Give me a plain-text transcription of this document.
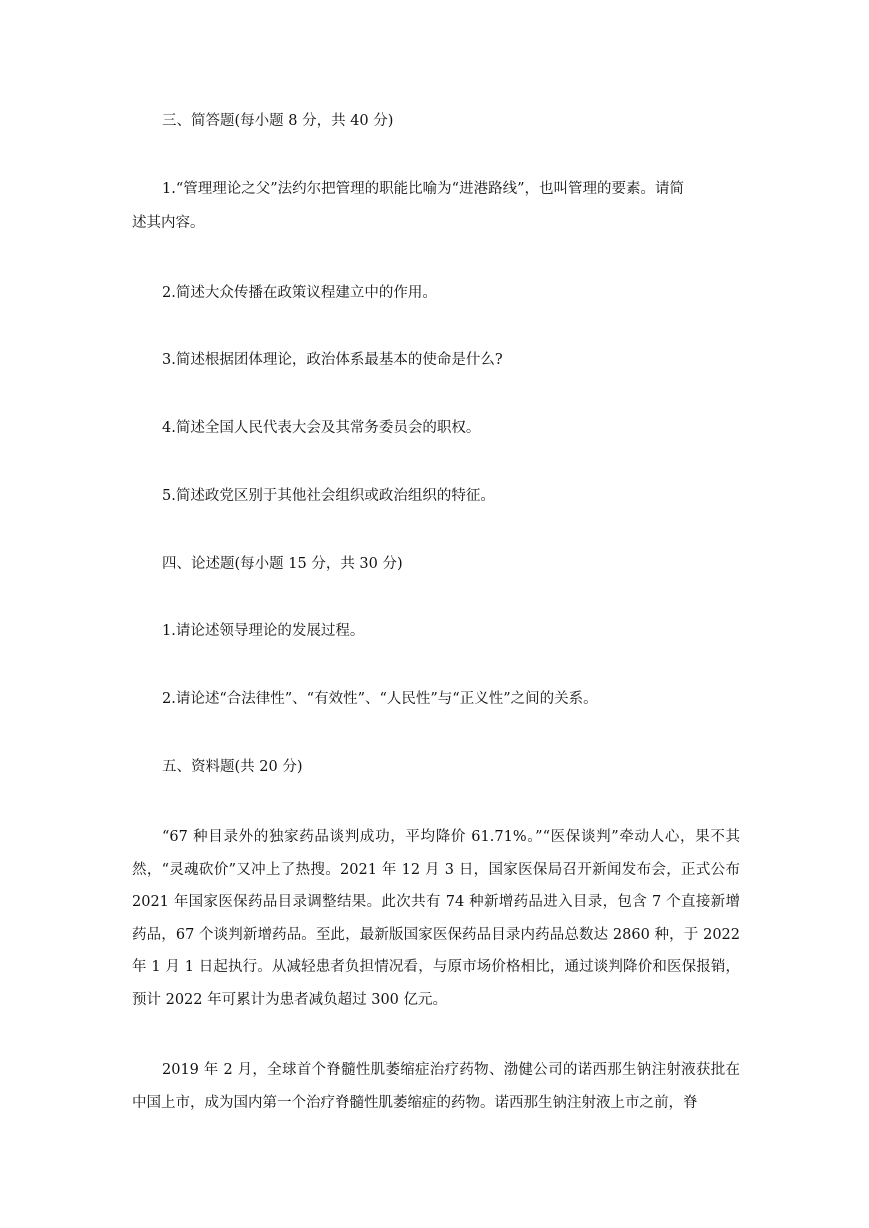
三、简答题(每小题 8 分，共 40 分)
1.“管理理论之父”法约尔把管理的职能比喻为“进港路线”，也叫管理的要素。请简
述其内容。
2.简述大众传播在政策议程建立中的作用。
3.简述根据团体理论，政治体系最基本的使命是什么?
4.简述全国人民代表大会及其常务委员会的职权。
5.简述政党区别于其他社会组织或政治组织的特征。
四、论述题(每小题 15 分，共 30 分)
1.请论述领导理论的发展过程。
2.请论述“合法律性”、“有效性”、“人民性”与“正义性”之间的关系。
五、资料题(共 20 分)
“67 种目录外的独家药品谈判成功，平均降价 61.71%。”“医保谈判”牵动人心，果不其然，“灵魂砍价”又冲上了热搜。2021 年 12 月 3 日，国家医保局召开新闻发布会，正式公布 2021 年国家医保药品目录调整结果。此次共有 74 种新增药品进入目录，包含 7 个直接新增药品，67 个谈判新增药品。至此，最新版国家医保药品目录内药品总数达 2860 种，于 2022 年 1 月 1 日起执行。从减轻患者负担情况看，与原市场价格相比，通过谈判降价和医保报销，预计 2022 年可累计为患者减负超过 300 亿元。
2019 年 2 月，全球首个脊髓性肌萎缩症治疗药物、渤健公司的诺西那生钠注射液获批在中国上市，成为国内第一个治疗脊髓性肌萎缩症的药物。诺西那生钠注射液上市之前，脊
